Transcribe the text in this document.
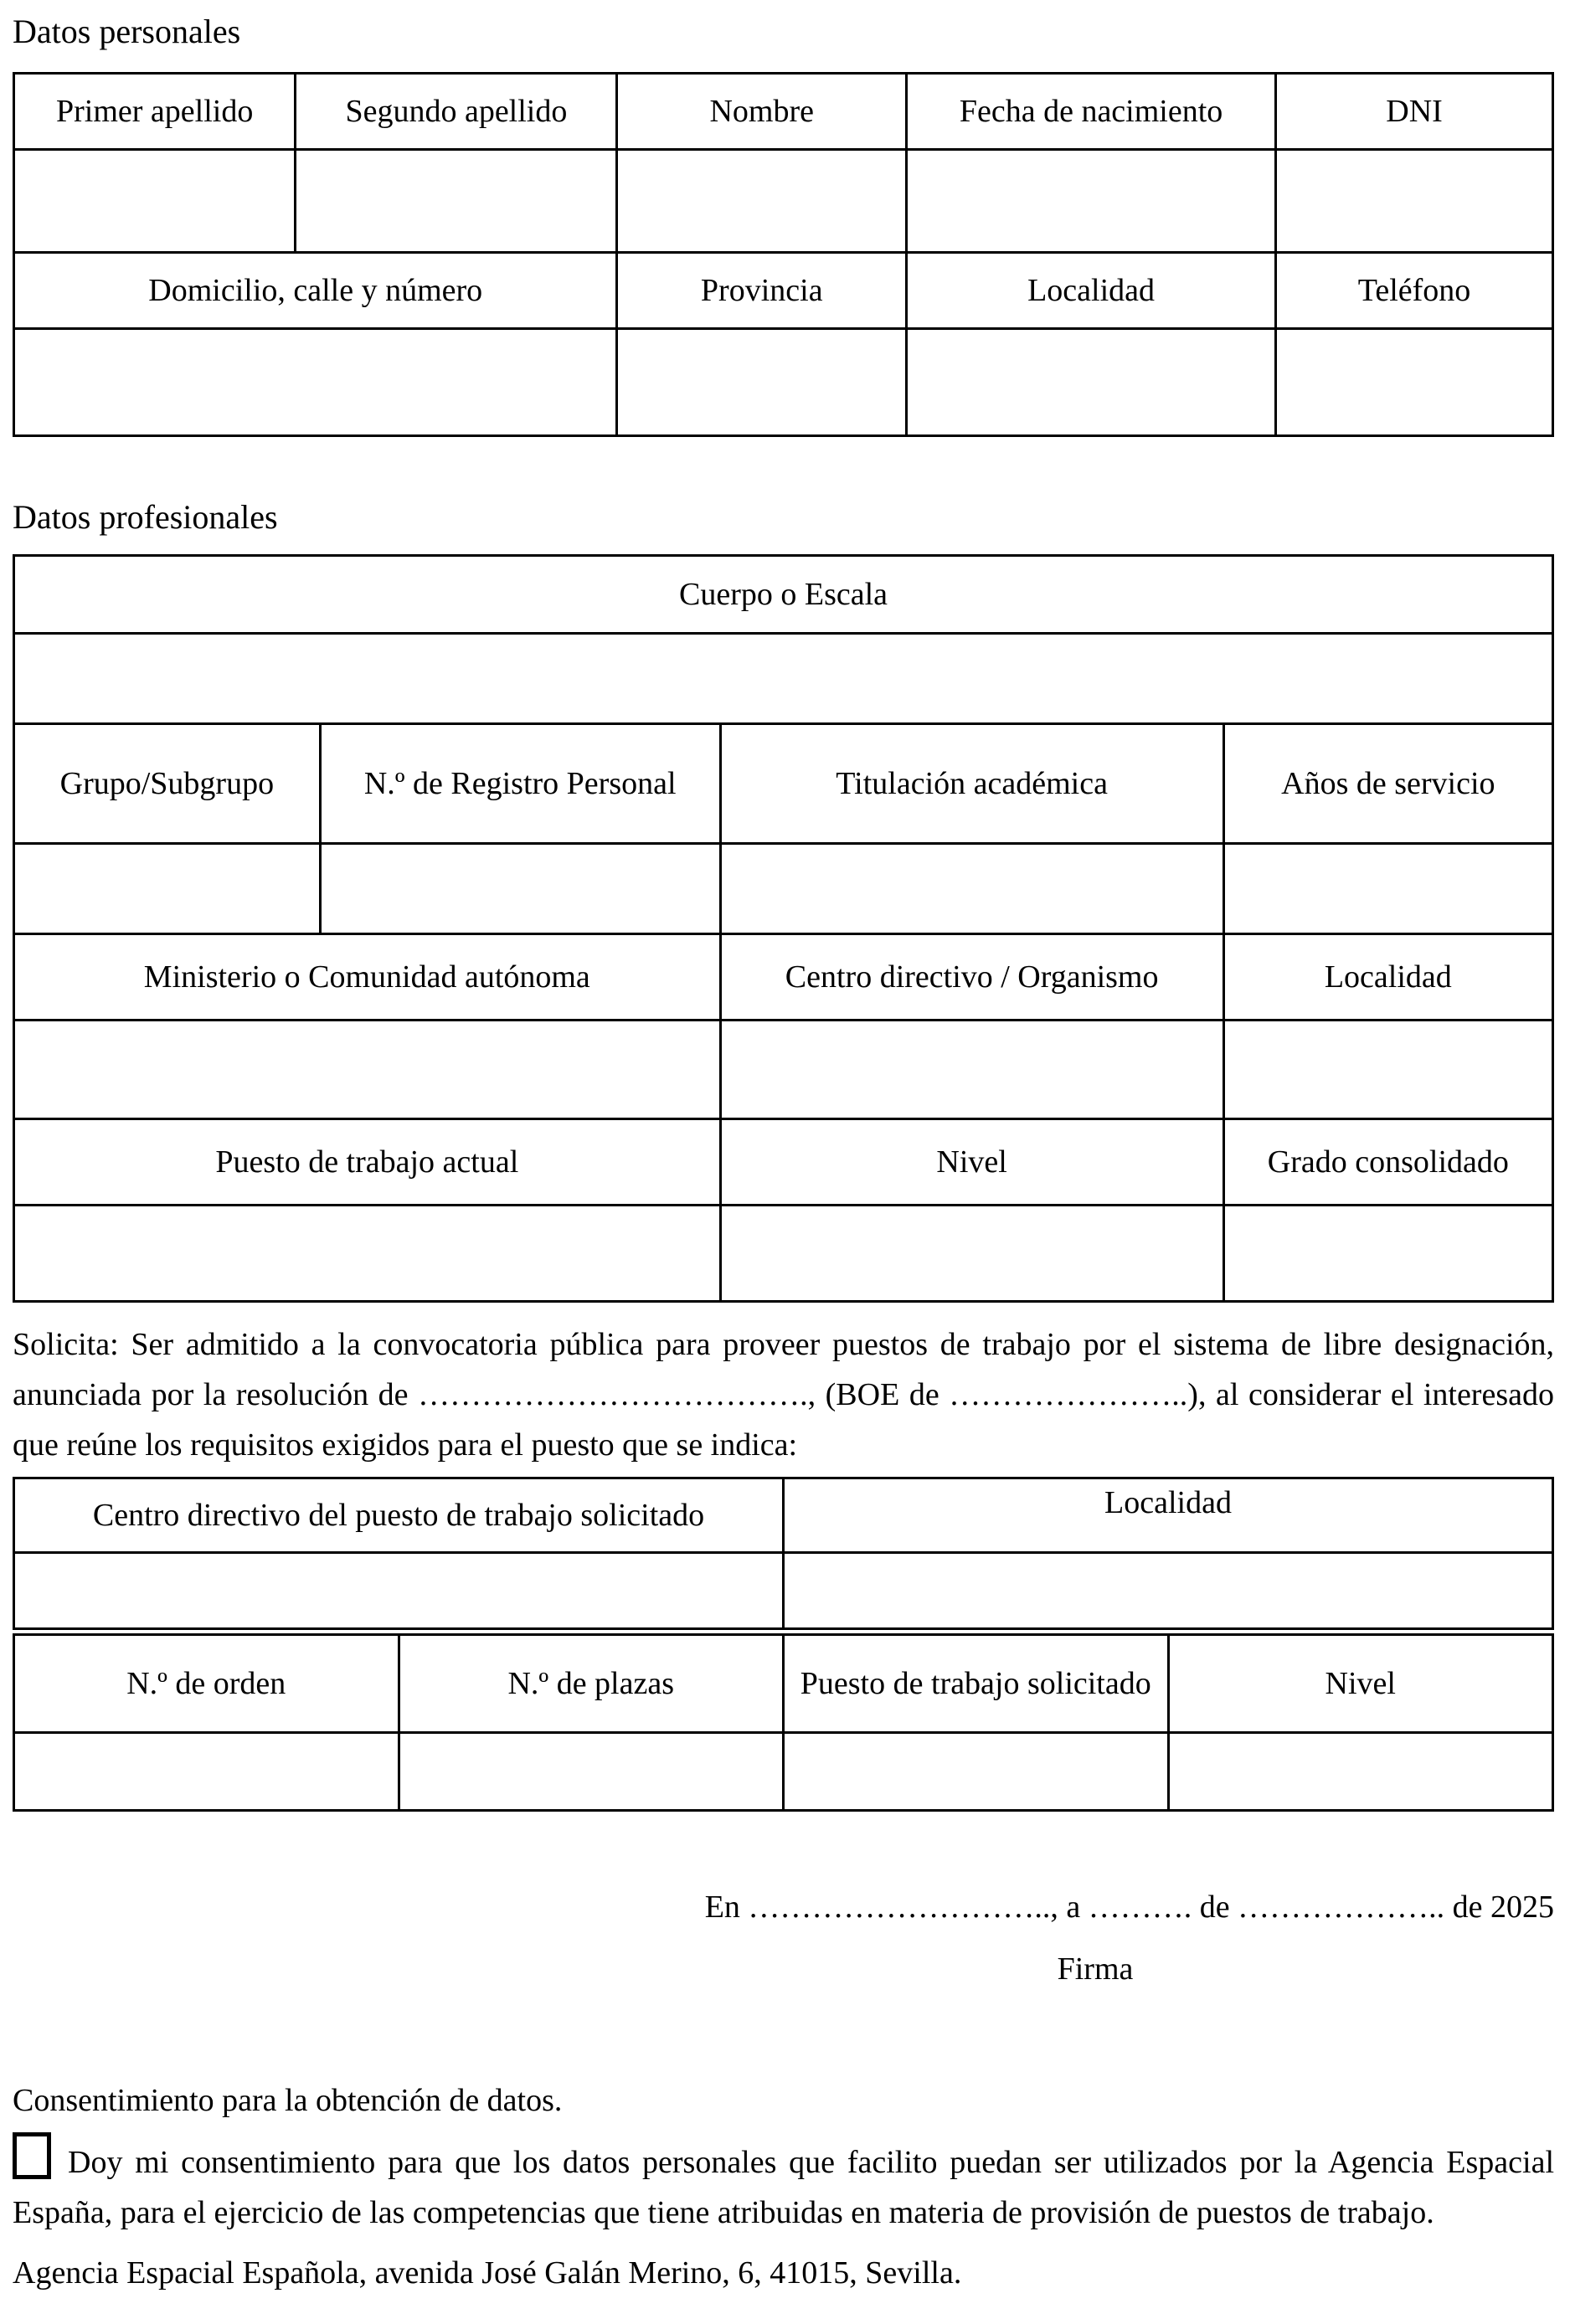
Datos personales
Primer apellido	Segundo apellido	Nombre	Fecha de nacimiento	DNI

Domicilio, calle y número		Provincia	Localidad	Teléfono

Datos profesionales
Cuerpo o Escala			

Grupo/Subgrupo	N.º de Registro Personal	Titulación académica	Años de servicio

Ministerio o Comunidad autónoma		Centro directivo / Organismo	Localidad

Puesto de trabajo actual		Nivel	Grado consolidado

Solicita: Ser admitido a la convocatoria pública para proveer puestos de trabajo por el sistema de libre designación, anunciada por la resolución de ………………………………., (BOE de …………………..), al considerar el interesado que reúne los requisitos exigidos para el puesto que se indica:

Centro directivo del puesto de trabajo solicitado	Localidad

N.º de orden	N.º de plazas	Puesto de trabajo solicitado	Nivel

En ……………………….., a ………. de ……………….. de 2025
Firma
Consentimiento para la obtención de datos.

Doy mi consentimiento para que los datos personales que facilito puedan ser utilizados por la Agencia Espacial España, para el ejercicio de las competencias que tiene atribuidas en materia de provisión de puestos de trabajo.

Agencia Espacial Española, avenida José Galán Merino, 6, 41015, Sevilla.
